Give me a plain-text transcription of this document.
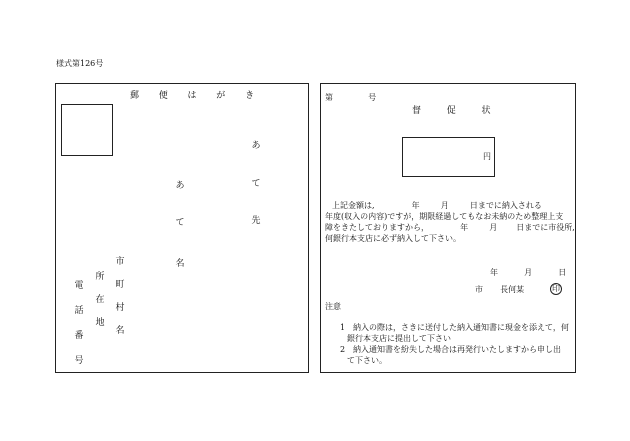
様式第126号
郵 便 は が き
あ
て
名
あ
て
先
市
町
村
名
所
在
地
電
話
番
号
第	号
督	促	状
円
上記金額は,	年	月	日までに納入される
年度(収入の内容)ですが，期限経過してもなお未納のため整理上支
障をきたしておりますから，	年	月 日までに市役所,
何銀行本支店に必ず納入して下さい。
年	月	日
市 長何某	印
注意
1 納入の際は，さきに送付した納入通知書に現金を添えて，何
銀行本支店に提出して下さい
2 納入通知書を紛失した場合は再発行いたしますから申し出
て下さい。
